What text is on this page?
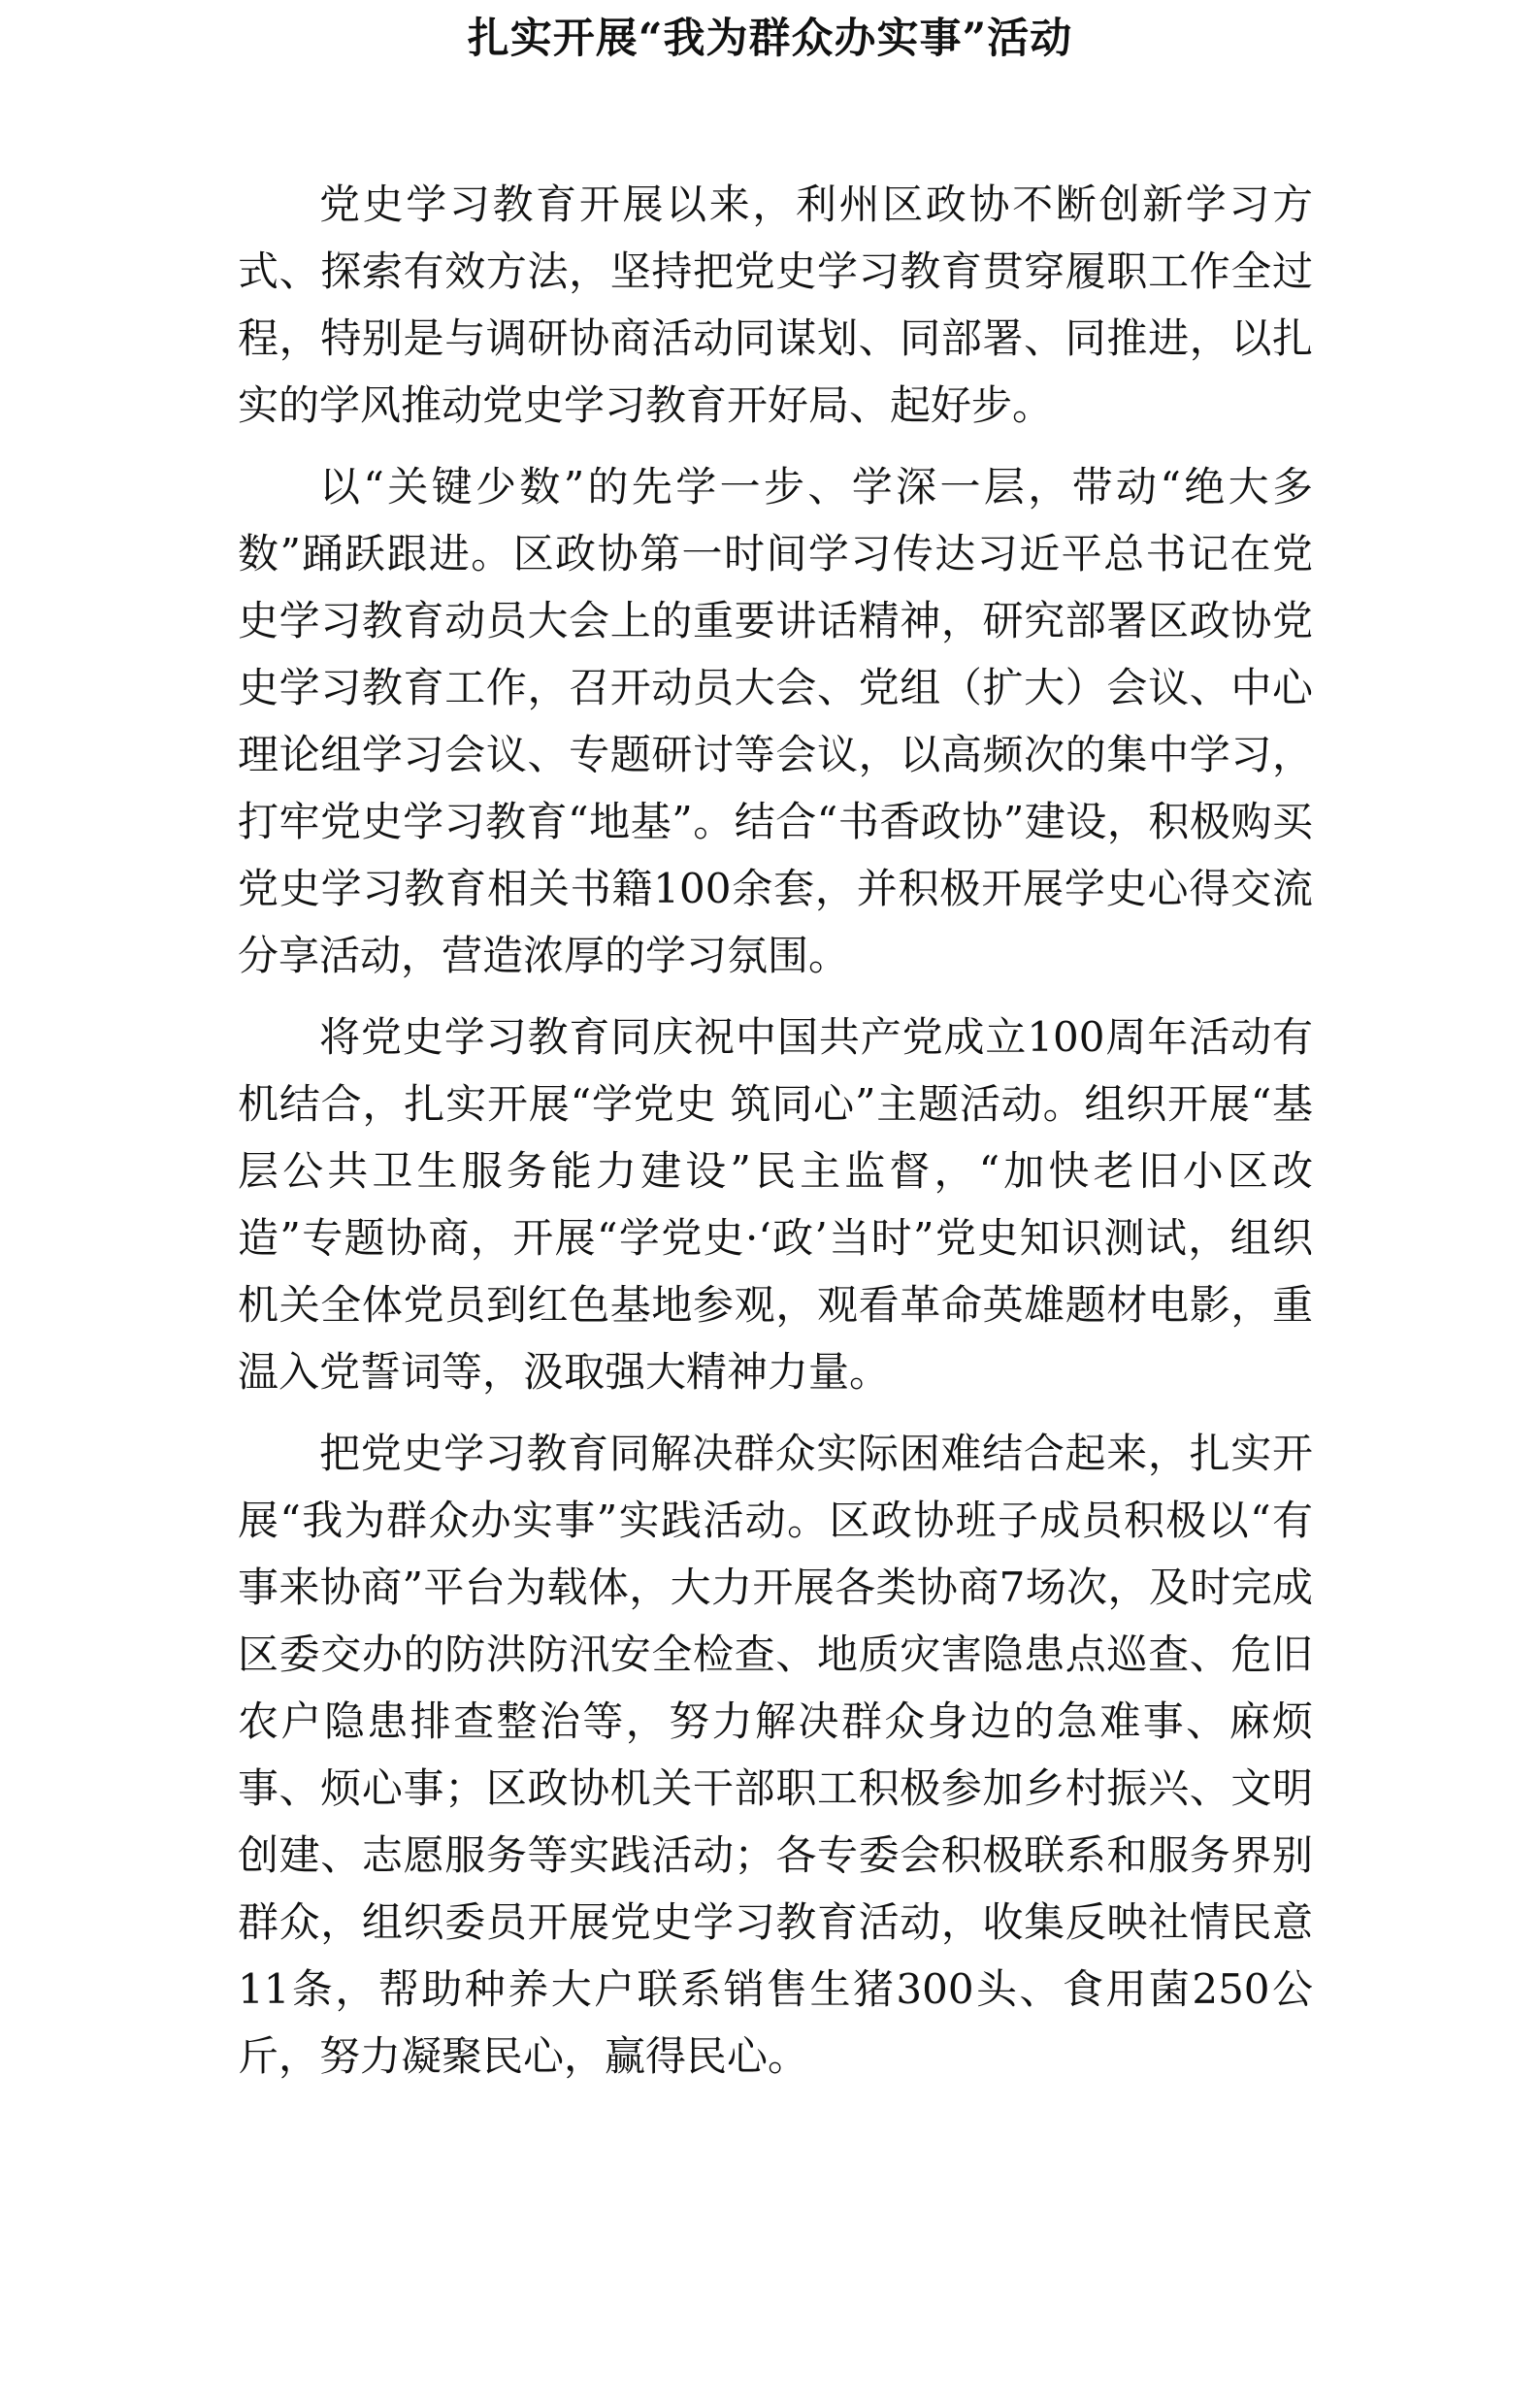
扎实开展“我为群众办实事”活动

党史学习教育开展以来，利州区政协不断创新学习方式、探索有效方法，坚持把党史学习教育贯穿履职工作全过程，特别是与调研协商活动同谋划、同部署、同推进，以扎实的学风推动党史学习教育开好局、起好步。

以“关键少数”的先学一步、学深一层，带动“绝大多数”踊跃跟进。区政协第一时间学习传达习近平总书记在党史学习教育动员大会上的重要讲话精神，研究部署区政协党史学习教育工作，召开动员大会、党组（扩大）会议、中心理论组学习会议、专题研讨等会议，以高频次的集中学习，打牢党史学习教育“地基”。结合“书香政协”建设，积极购买党史学习教育相关书籍100余套，并积极开展学史心得交流分享活动，营造浓厚的学习氛围。

将党史学习教育同庆祝中国共产党成立100周年活动有机结合，扎实开展“学党史 筑同心”主题活动。组织开展“基层公共卫生服务能力建设”民主监督，“加快老旧小区改造”专题协商，开展“学党史·‘政’当时”党史知识测试，组织机关全体党员到红色基地参观，观看革命英雄题材电影，重温入党誓词等，汲取强大精神力量。

把党史学习教育同解决群众实际困难结合起来，扎实开展“我为群众办实事”实践活动。区政协班子成员积极以“有事来协商”平台为载体，大力开展各类协商7场次，及时完成区委交办的防洪防汛安全检查、地质灾害隐患点巡查、危旧农户隐患排查整治等，努力解决群众身边的急难事、麻烦事、烦心事；区政协机关干部职工积极参加乡村振兴、文明创建、志愿服务等实践活动；各专委会积极联系和服务界别群众，组织委员开展党史学习教育活动，收集反映社情民意11条，帮助种养大户联系销售生猪300头、食用菌250公斤，努力凝聚民心，赢得民心。
